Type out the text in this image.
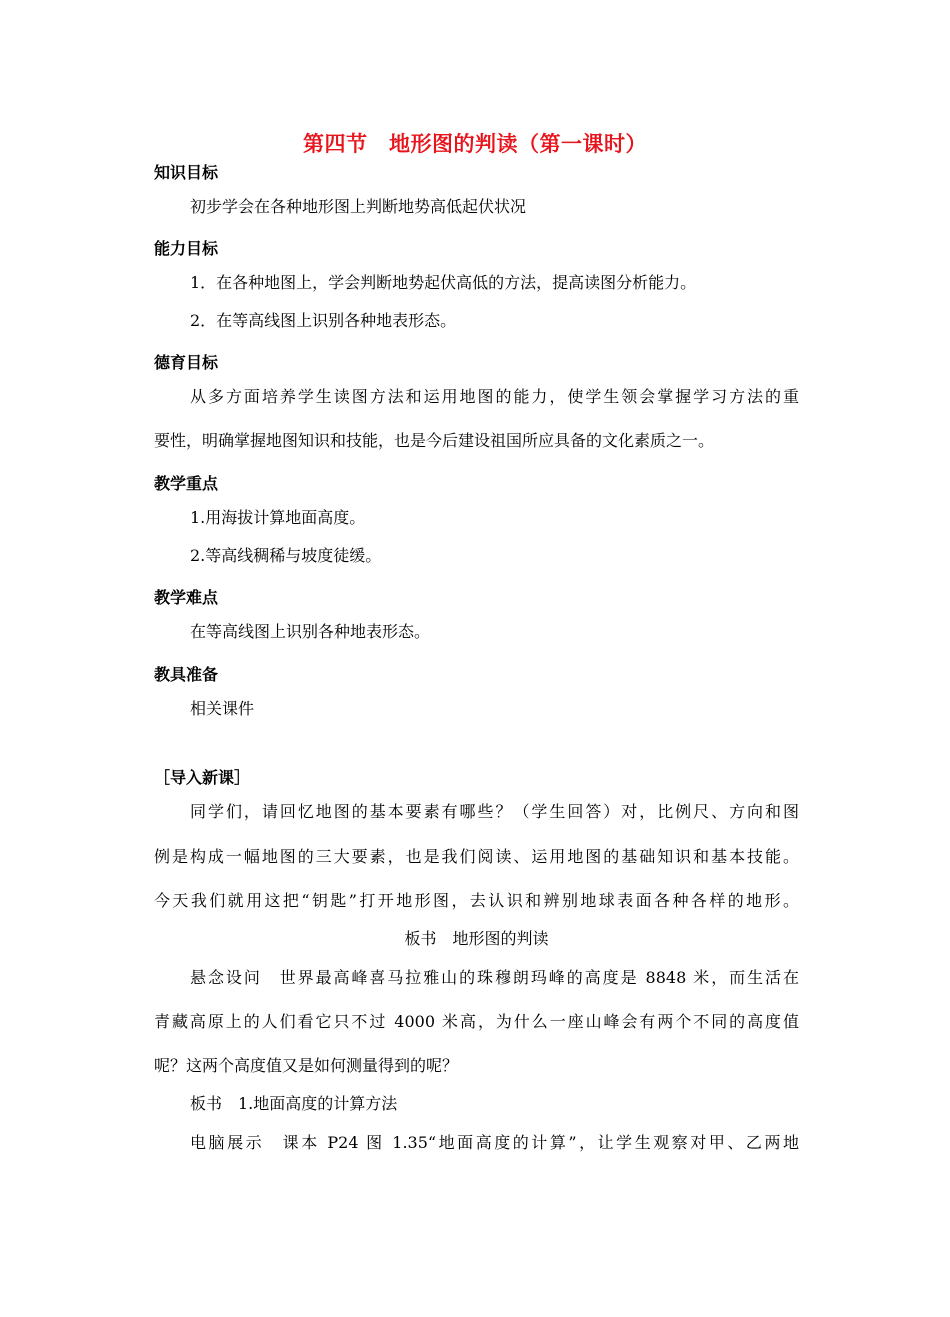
第四节　地形图的判读（第一课时）
知识目标
初步学会在各种地形图上判断地势高低起伏状况
能力目标
1．在各种地图上，学会判断地势起伏高低的方法，提高读图分析能力。
2．在等高线图上识别各种地表形态。
德育目标
从多方面培养学生读图方法和运用地图的能力，使学生领会掌握学习方法的重
要性，明确掌握地图知识和技能，也是今后建设祖国所应具备的文化素质之一。
教学重点
1.用海拔计算地面高度。
2.等高线稠稀与坡度徒缓。
教学难点
在等高线图上识别各种地表形态。
教具准备
相关课件
［导入新课］
同学们，请回忆地图的基本要素有哪些？（学生回答）对，比例尺、方向和图
例是构成一幅地图的三大要素，也是我们阅读、运用地图的基础知识和基本技能。
今天我们就用这把“钥匙”打开地形图，去认识和辨别地球表面各种各样的地形。
板书　地形图的判读
悬念设问　世界最高峰喜马拉雅山的珠穆朗玛峰的高度是 8848 米，而生活在
青藏高原上的人们看它只不过 4000 米高，为什么一座山峰会有两个不同的高度值
呢？这两个高度值又是如何测量得到的呢？
板书　1.地面高度的计算方法
电脑展示　课本 P24 图 1.35“地面高度的计算”，让学生观察对甲、乙两地
